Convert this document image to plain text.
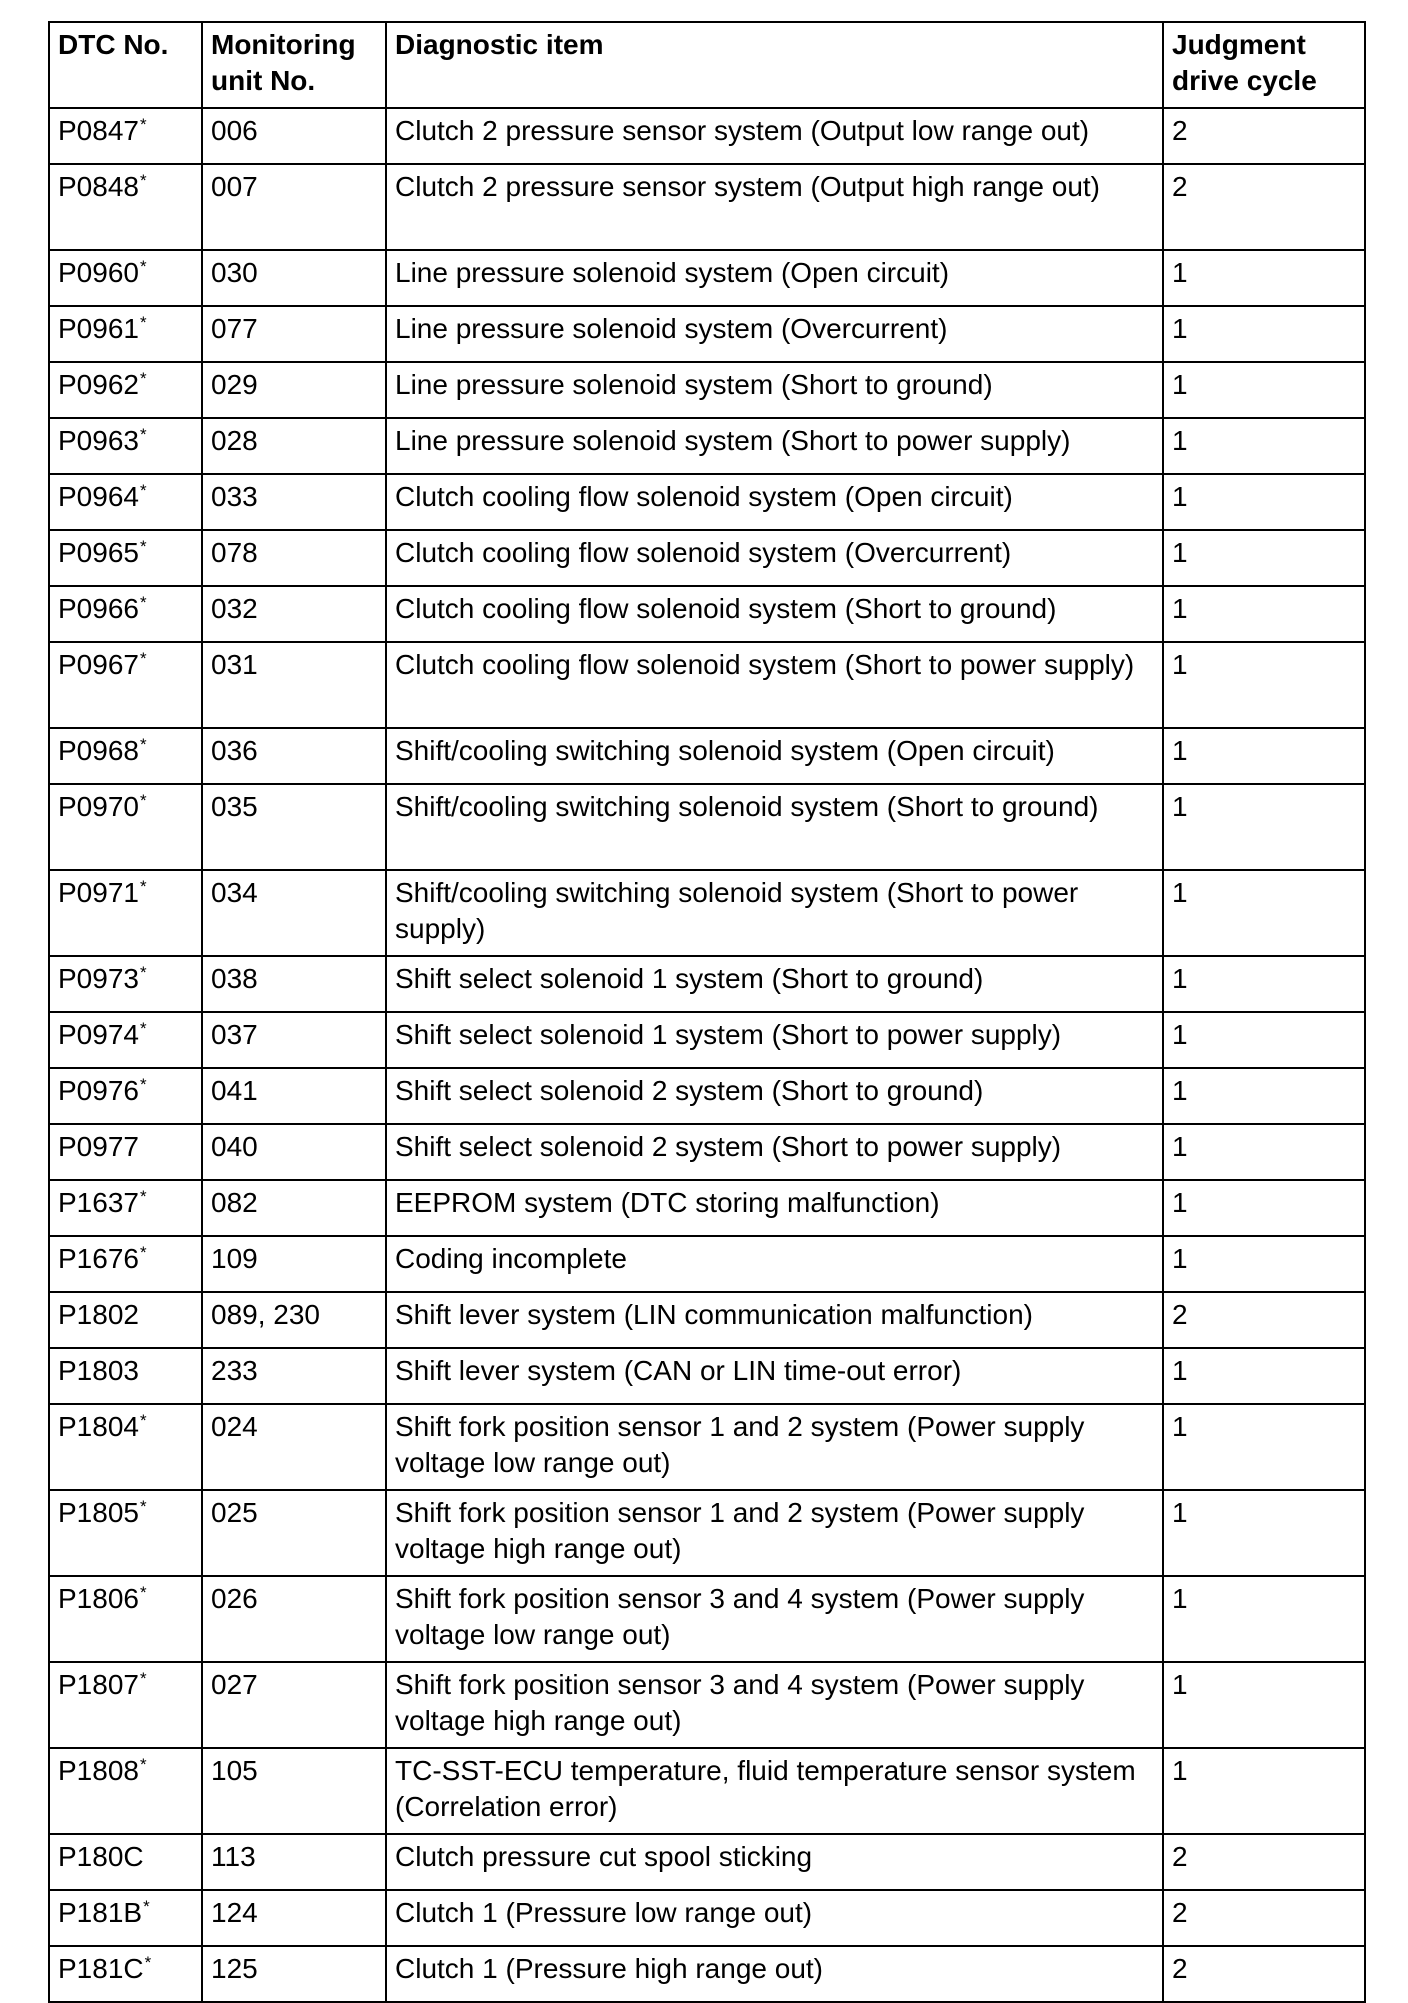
DTC No.	Monitoring unit No.	Diagnostic item	Judgment drive cycle
P0847*	006	Clutch 2 pressure sensor system (Output low range out)	2
P0848*	007	Clutch 2 pressure sensor system (Output high range out)	2
P0960*	030	Line pressure solenoid system (Open circuit)	1
P0961*	077	Line pressure solenoid system (Overcurrent)	1
P0962*	029	Line pressure solenoid system (Short to ground)	1
P0963*	028	Line pressure solenoid system (Short to power supply)	1
P0964*	033	Clutch cooling flow solenoid system (Open circuit)	1
P0965*	078	Clutch cooling flow solenoid system (Overcurrent)	1
P0966*	032	Clutch cooling flow solenoid system (Short to ground)	1
P0967*	031	Clutch cooling flow solenoid system (Short to power supply)	1
P0968*	036	Shift/cooling switching solenoid system (Open circuit)	1
P0970*	035	Shift/cooling switching solenoid system (Short to ground)	1
P0971*	034	Shift/cooling switching solenoid system (Short to power supply)	1
P0973*	038	Shift select solenoid 1 system (Short to ground)	1
P0974*	037	Shift select solenoid 1 system (Short to power supply)	1
P0976*	041	Shift select solenoid 2 system (Short to ground)	1
P0977	040	Shift select solenoid 2 system (Short to power supply)	1
P1637*	082	EEPROM system (DTC storing malfunction)	1
P1676*	109	Coding incomplete	1
P1802	089, 230	Shift lever system (LIN communication malfunction)	2
P1803	233	Shift lever system (CAN or LIN time-out error)	1
P1804*	024	Shift fork position sensor 1 and 2 system (Power supply voltage low range out)	1
P1805*	025	Shift fork position sensor 1 and 2 system (Power supply voltage high range out)	1
P1806*	026	Shift fork position sensor 3 and 4 system (Power supply voltage low range out)	1
P1807*	027	Shift fork position sensor 3 and 4 system (Power supply voltage high range out)	1
P1808*	105	TC-SST-ECU temperature, fluid temperature sensor system (Correlation error)	1
P180C	113	Clutch pressure cut spool sticking	2
P181B*	124	Clutch 1 (Pressure low range out)	2
P181C*	125	Clutch 1 (Pressure high range out)	2
